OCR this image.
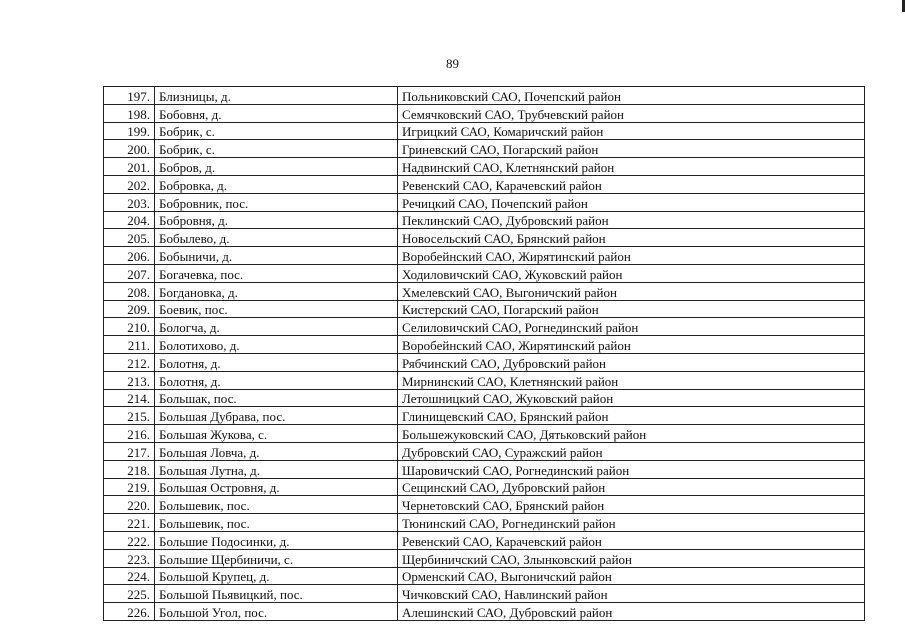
89
197.	Близницы, д.	Польниковский САО, Почепский район
198.	Бобовня, д.	Семячковский САО, Трубчевский район
199.	Бобрик, с.	Игрицкий САО, Комаричский район
200.	Бобрик, с.	Гриневский САО, Погарский район
201.	Бобров, д.	Надвинский САО, Клетнянский район
202.	Бобровка, д.	Ревенский САО, Карачевский район
203.	Бобровник, пос.	Речицкий САО, Почепский район
204.	Бобровня, д.	Пеклинский САО, Дубровский район
205.	Бобылево, д.	Новосельский САО, Брянский район
206.	Бобыничи, д.	Воробейнский САО, Жирятинский район
207.	Богачевка, пос.	Ходиловичский САО, Жуковский район
208.	Богдановка, д.	Хмелевский САО, Выгоничский район
209.	Боевик, пос.	Кистерский САО, Погарский район
210.	Бологча, д.	Селиловичский САО, Рогнединский район
211.	Болотихово, д.	Воробейнский САО, Жирятинский район
212.	Болотня, д.	Рябчинский САО, Дубровский район
213.	Болотня, д.	Мирнинский САО, Клетнянский район
214.	Большак, пос.	Летошницкий САО, Жуковский район
215.	Большая Дубрава, пос.	Глинищевский САО, Брянский район
216.	Большая Жукова, с.	Большежуковский САО, Дятьковский район
217.	Большая Ловча, д.	Дубровский САО, Суражский район
218.	Большая Лутна, д.	Шаровичский САО, Рогнединский район
219.	Большая Островня, д.	Сещинский САО, Дубровский район
220.	Большевик, пос.	Чернетовский САО, Брянский район
221.	Большевик, пос.	Тюнинский САО, Рогнединский район
222.	Большие Подосинки, д.	Ревенский САО, Карачевский район
223.	Большие Щербиничи, с.	Щербиничский САО, Злынковский район
224.	Большой Крупец, д.	Орменский САО, Выгоничский район
225.	Большой Пьявицкий, пос.	Чичковский САО, Навлинский район
226.	Большой Угол, пос.	Алешинский САО, Дубровский район
